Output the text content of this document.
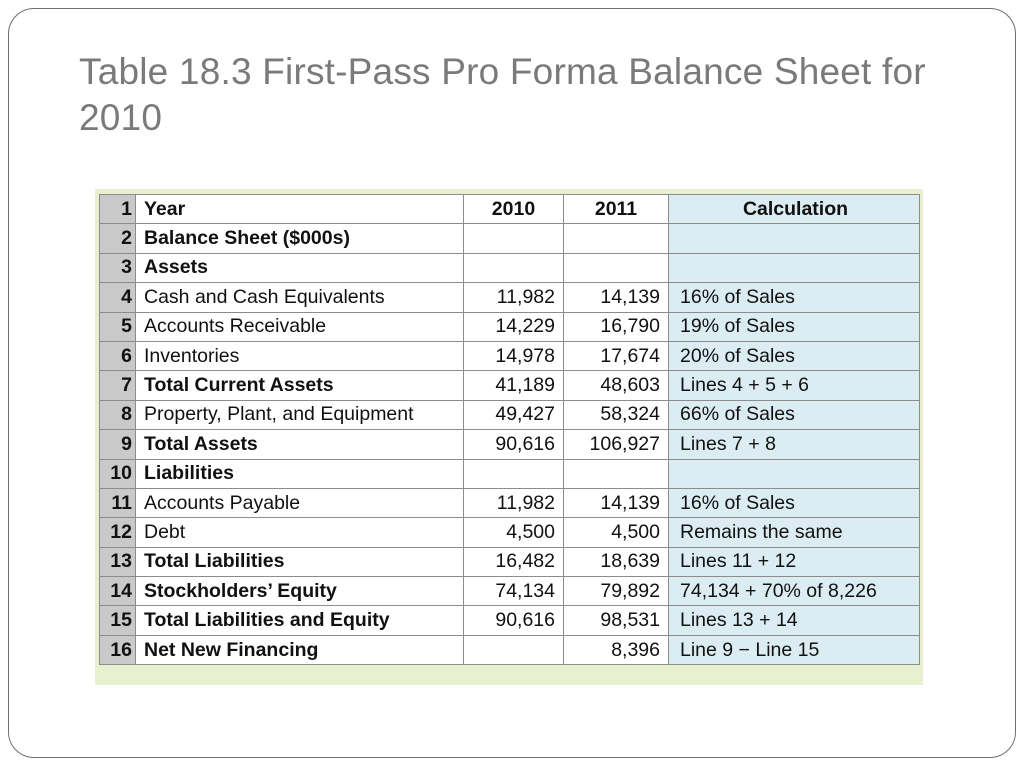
Table 18.3 First-Pass Pro Forma Balance Sheet for 2010
1	Year	2010	2011	Calculation
2	Balance Sheet ($000s)			
3	Assets			
4	Cash and Cash Equivalents	11,982	14,139	16% of Sales
5	Accounts Receivable	14,229	16,790	19% of Sales
6	Inventories	14,978	17,674	20% of Sales
7	Total Current Assets	41,189	48,603	Lines 4 + 5 + 6
8	Property, Plant, and Equipment	49,427	58,324	66% of Sales
9	Total Assets	90,616	106,927	Lines 7 + 8
10	Liabilities			
11	Accounts Payable	11,982	14,139	16% of Sales
12	Debt	4,500	4,500	Remains the same
13	Total Liabilities	16,482	18,639	Lines 11 + 12
14	Stockholders’ Equity	74,134	79,892	74,134 + 70% of 8,226
15	Total Liabilities and Equity	90,616	98,531	Lines 13 + 14
16	Net New Financing		8,396	Line 9 − Line 15
